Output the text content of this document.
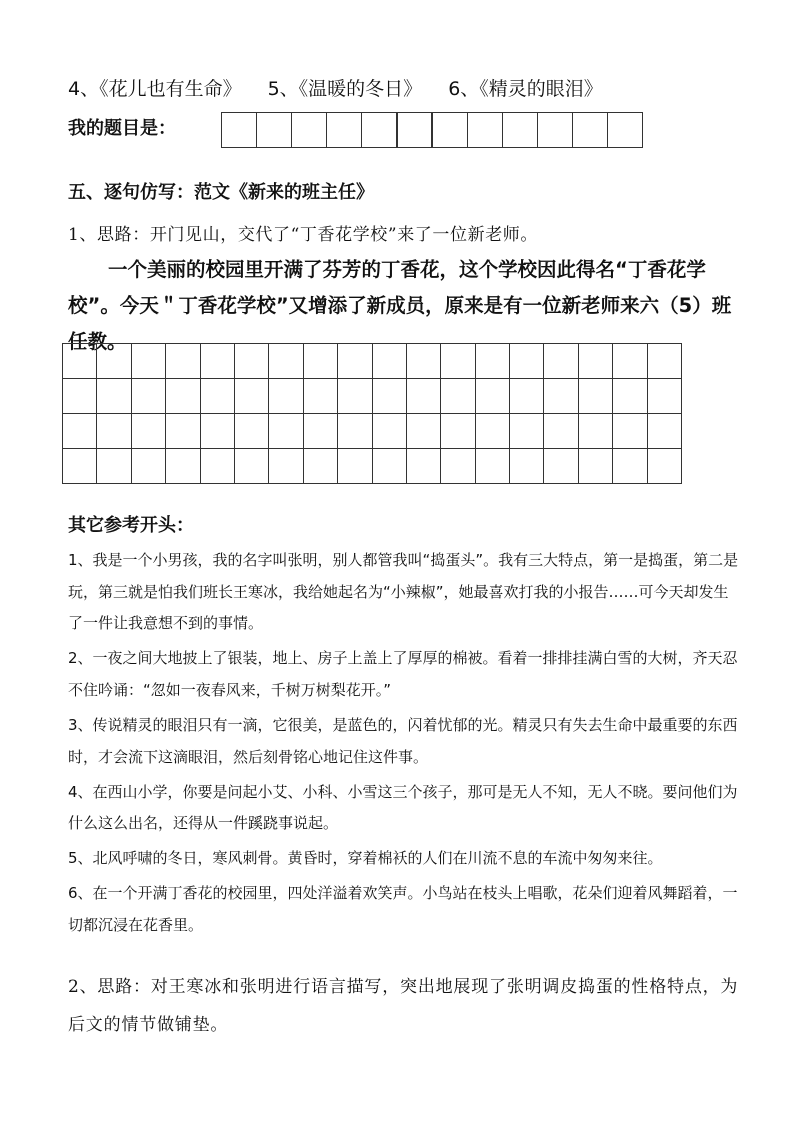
4、《花儿也有生命》 5、《温暖的冬日》 6、《精灵的眼泪》
我的题目是：
五、逐句仿写：范文《新来的班主任》
1、思路：开门见山，交代了“丁香花学校”来了一位新老师。
一个美丽的校园里开满了芬芳的丁香花，这个学校因此得名“丁香花学校”。今天＂丁香花学校”又增添了新成员，原来是有一位新老师来六（5）班任教。

其它参考开头：

1、我是一个小男孩，我的名字叫张明，别人都管我叫“捣蛋头”。我有三大特点，第一是捣蛋，第二是玩，第三就是怕我们班长王寒冰，我给她起名为“小辣椒”，她最喜欢打我的小报告……可今天却发生了一件让我意想不到的事情。

2、一夜之间大地披上了银装，地上、房子上盖上了厚厚的棉被。看着一排排挂满白雪的大树，齐天忍不住吟诵：“忽如一夜春风来，千树万树梨花开。”

3、传说精灵的眼泪只有一滴，它很美，是蓝色的，闪着忧郁的光。精灵只有失去生命中最重要的东西时，才会流下这滴眼泪，然后刻骨铭心地记住这件事。

4、在西山小学，你要是问起小艾、小科、小雪这三个孩子，那可是无人不知，无人不晓。要问他们为什么这么出名，还得从一件蹊跷事说起。

5、北风呼啸的冬日，寒风刺骨。黄昏时，穿着棉袄的人们在川流不息的车流中匆匆来往。

6、在一个开满丁香花的校园里，四处洋溢着欢笑声。小鸟站在枝头上唱歌，花朵们迎着风舞蹈着，一切都沉浸在花香里。

2、思路：对王寒冰和张明进行语言描写，突出地展现了张明调皮捣蛋的性格特点，为后文的情节做铺垫。
